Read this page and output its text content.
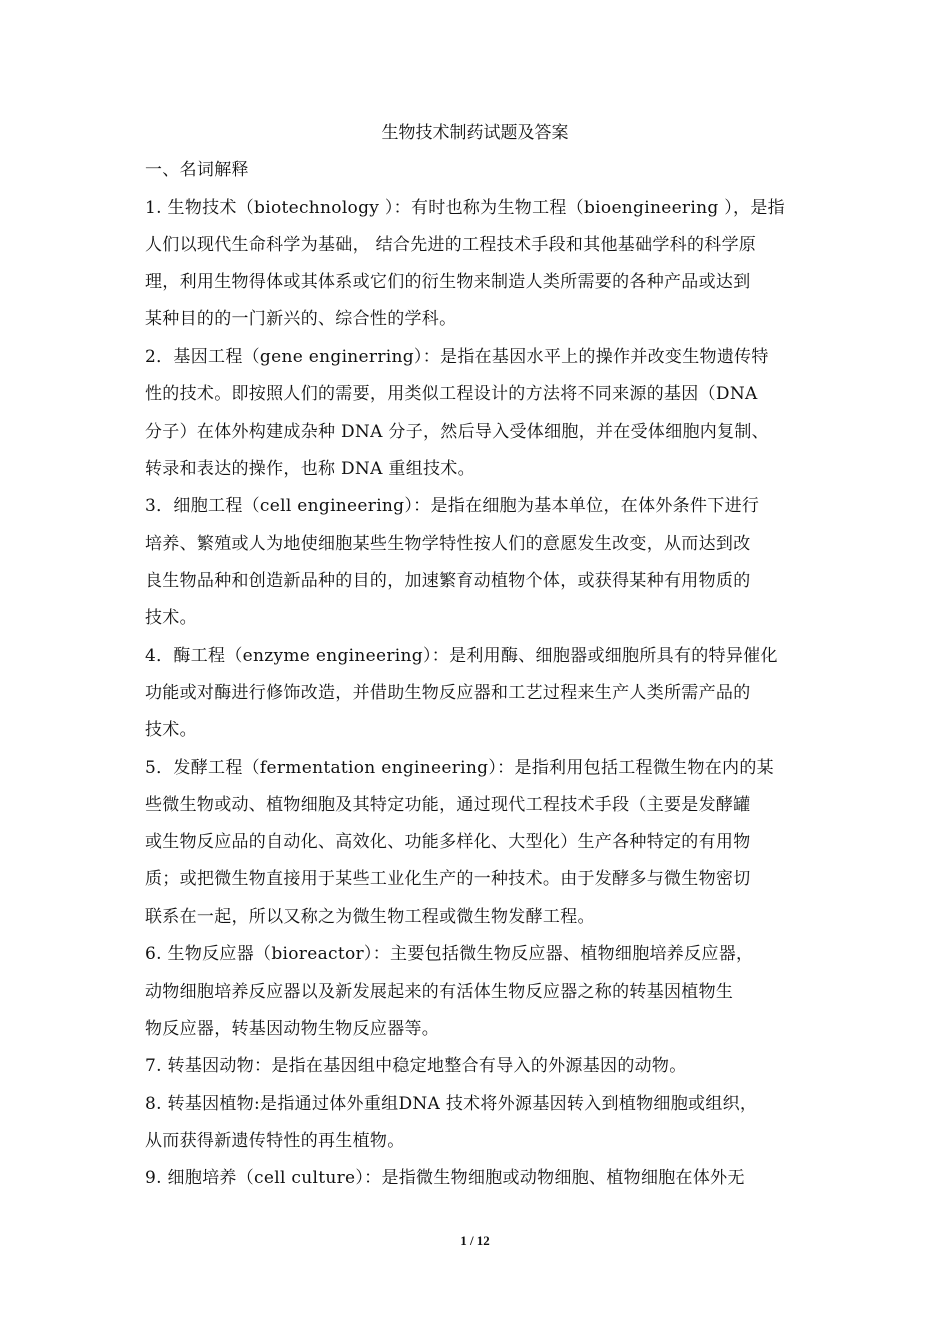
生物技术制药试题及答案
一、名词解释
1. 生物技术（biotechnology ）：有时也称为生物工程（bioengineering ），是指
人们以现代生命科学为基础， 结合先进的工程技术手段和其他基础学科的科学原
理，利用生物得体或其体系或它们的衍生物来制造人类所需要的各种产品或达到
某种目的的一门新兴的、综合性的学科。
2．基因工程（gene enginerring）：是指在基因水平上的操作并改变生物遗传特
性的技术。即按照人们的需要，用类似工程设计的方法将不同来源的基因（DNA
分子）在体外构建成杂种 DNA 分子，然后导入受体细胞，并在受体细胞内复制、
转录和表达的操作，也称 DNA 重组技术。
3．细胞工程（cell engineering）：是指在细胞为基本单位，在体外条件下进行
培养、繁殖或人为地使细胞某些生物学特性按人们的意愿发生改变，从而达到改
良生物品种和创造新品种的目的，加速繁育动植物个体，或获得某种有用物质的
技术。
4．酶工程（enzyme engineering）：是利用酶、细胞器或细胞所具有的特异催化
功能或对酶进行修饰改造，并借助生物反应器和工艺过程来生产人类所需产品的
技术。
5．发酵工程（fermentation engineering）：是指利用包括工程微生物在内的某
些微生物或动、植物细胞及其特定功能，通过现代工程技术手段（主要是发酵罐
或生物反应品的自动化、高效化、功能多样化、大型化）生产各种特定的有用物
质；或把微生物直接用于某些工业化生产的一种技术。由于发酵多与微生物密切
联系在一起，所以又称之为微生物工程或微生物发酵工程。
6. 生物反应器（bioreactor）：主要包括微生物反应器、植物细胞培养反应器，
动物细胞培养反应器以及新发展起来的有活体生物反应器之称的转基因植物生
物反应器，转基因动物生物反应器等。
7. 转基因动物：是指在基因组中稳定地整合有导入的外源基因的动物。
8. 转基因植物:是指通过体外重组DNA 技术将外源基因转入到植物细胞或组织，
从而获得新遗传特性的再生植物。
9. 细胞培养（cell culture）：是指微生物细胞或动物细胞、植物细胞在体外无
1 / 12
